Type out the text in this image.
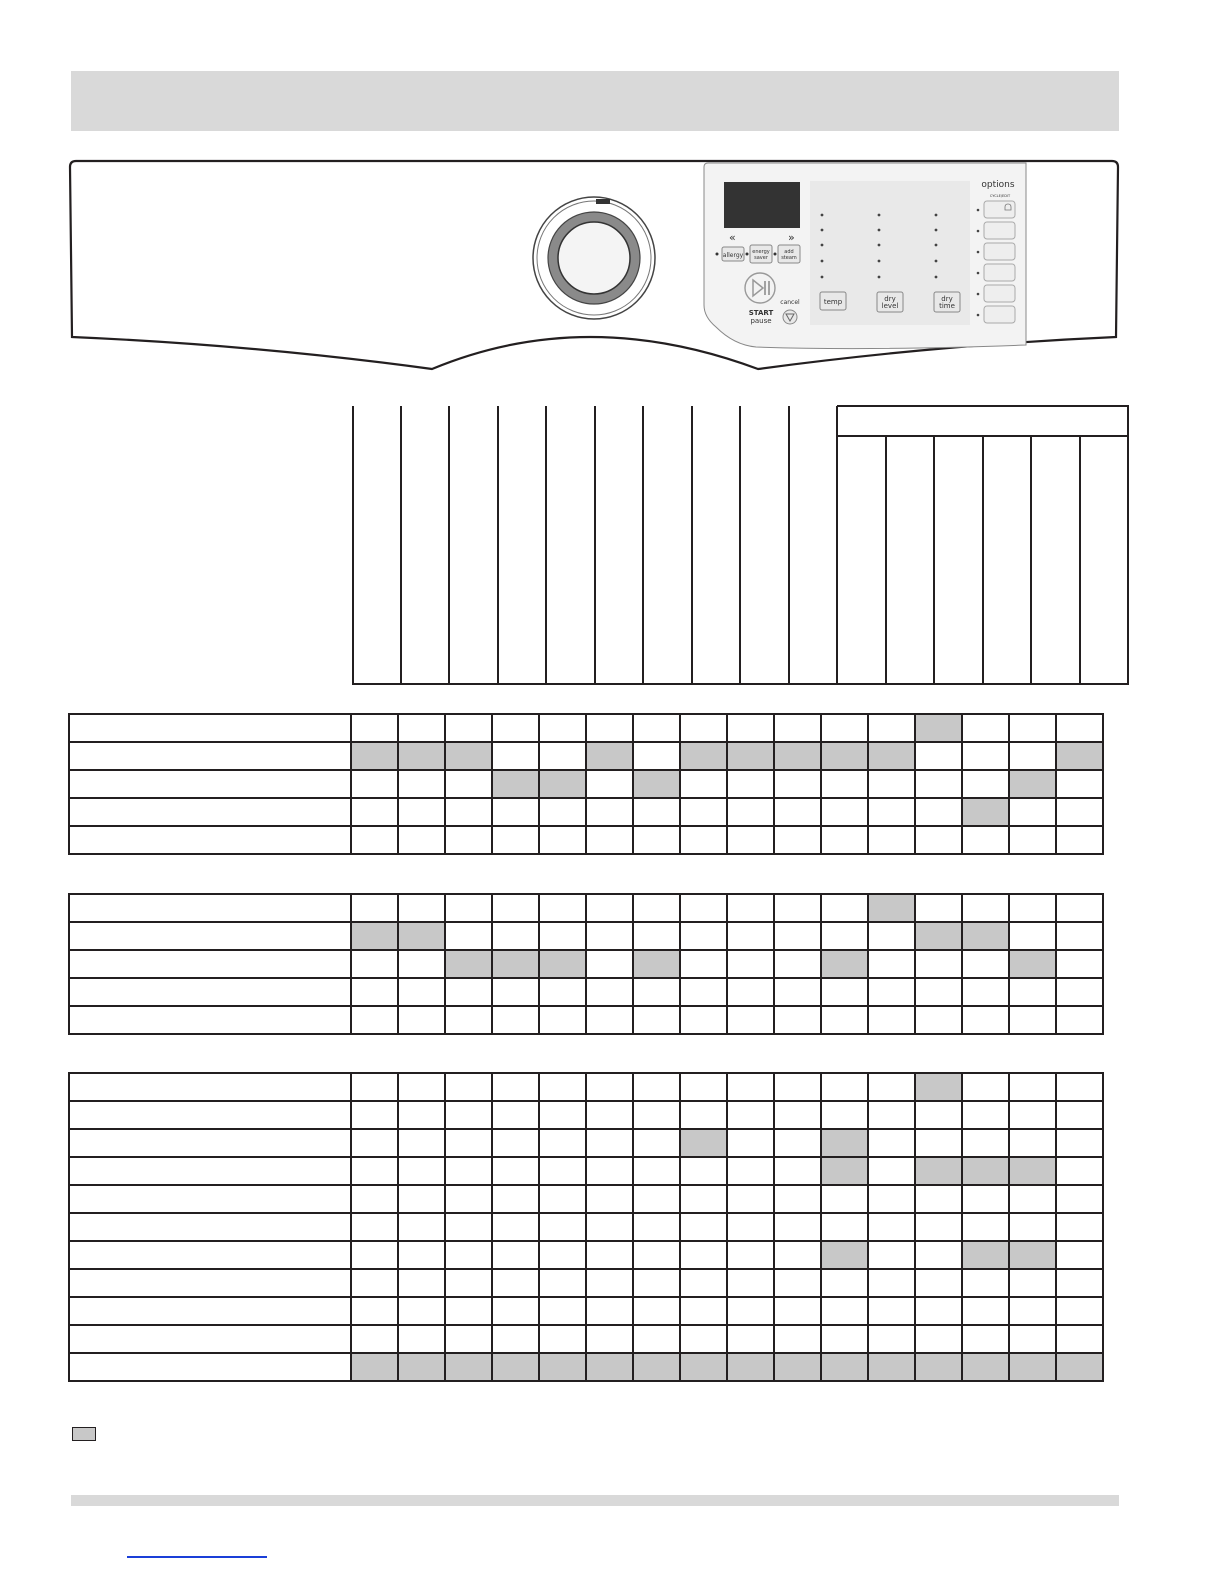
«	»
allergy energy
saver
add
steam
START
pause
cancel	temp	dry
level
dry
time
options
CYCLE/EDIT
